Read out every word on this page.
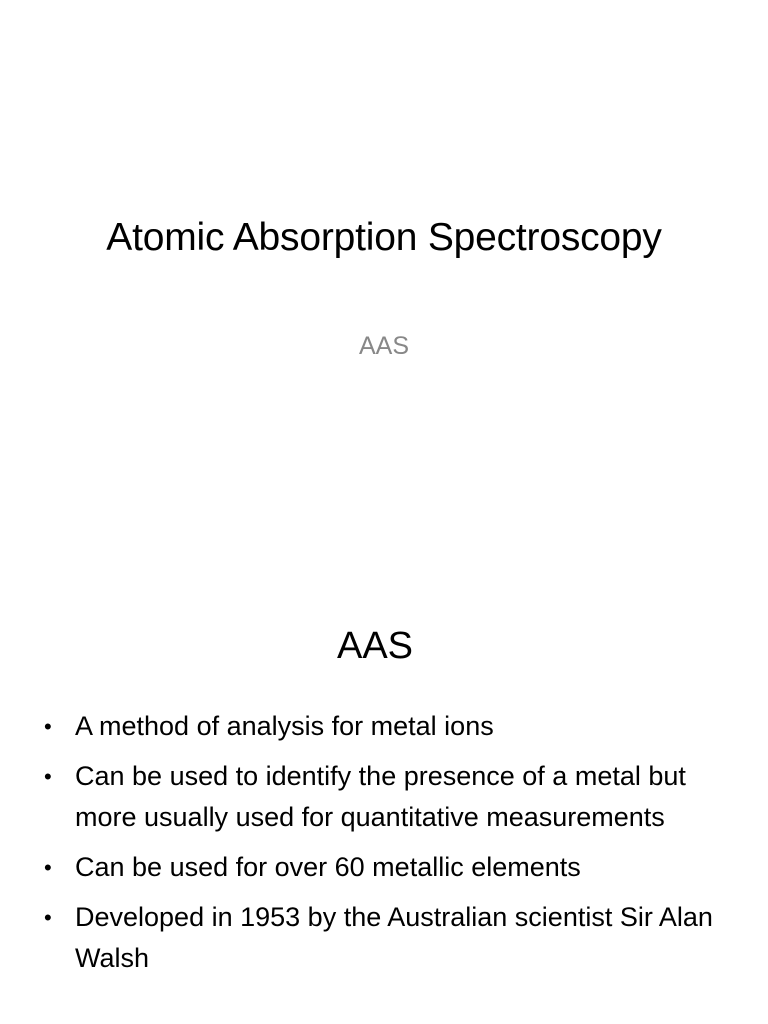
Atomic Absorption Spectroscopy
AAS
AAS
• A method of analysis for metal ions
• Can be used to identify the presence of a metal but more usually used for quantitative measurements
• Can be used for over 60 metallic elements
• Developed in 1953 by the Australian scientist Sir Alan Walsh
